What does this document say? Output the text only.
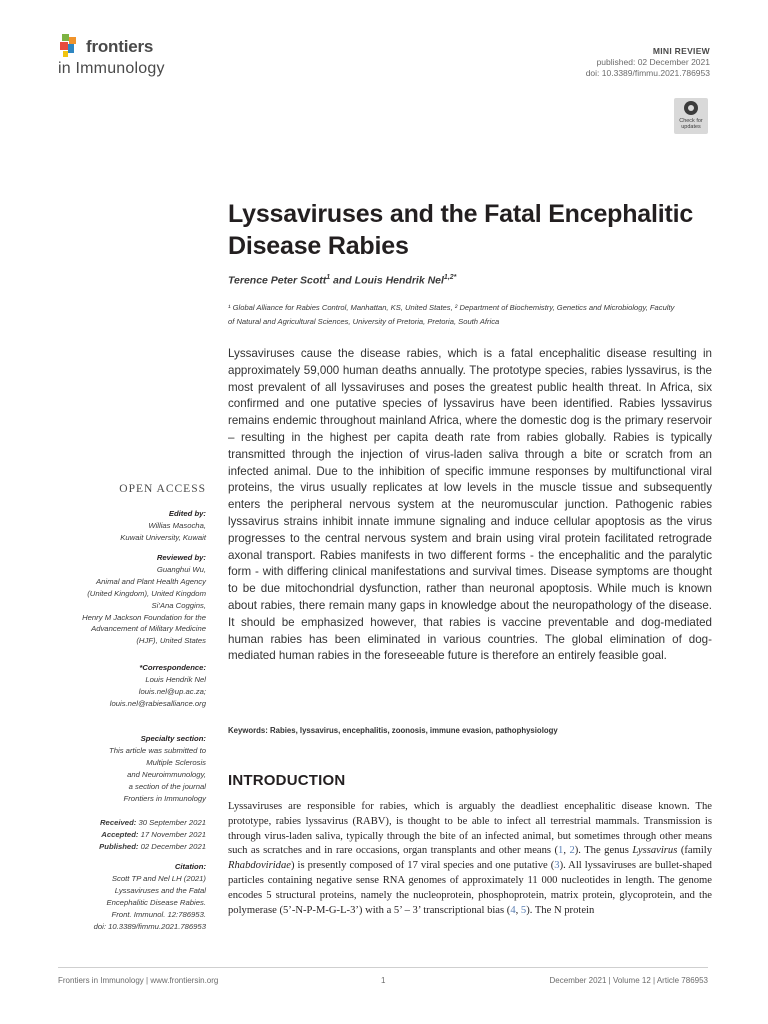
frontiers
in Immunology
MINI REVIEW
published: 02 December 2021
doi: 10.3389/fimmu.2021.786953
Check for updates
Lyssaviruses and the Fatal Encephalitic Disease Rabies
Terence Peter Scott$^1$ and Louis Hendrik Nel$^{1,2*}$
¹ Global Alliance for Rabies Control, Manhattan, KS, United States, ² Department of Biochemistry, Genetics and Microbiology, Faculty of Natural and Agricultural Sciences, University of Pretoria, Pretoria, South Africa
Lyssaviruses cause the disease rabies, which is a fatal encephalitic disease resulting in approximately 59,000 human deaths annually. The prototype species, rabies lyssavirus, is the most prevalent of all lyssaviruses and poses the greatest public health threat. In Africa, six confirmed and one putative species of lyssavirus have been identified. Rabies lyssavirus remains endemic throughout mainland Africa, where the domestic dog is the primary reservoir – resulting in the highest per capita death rate from rabies globally. Rabies is typically transmitted through the injection of virus-laden saliva through a bite or scratch from an infected animal. Due to the inhibition of specific immune responses by multifunctional viral proteins, the virus usually replicates at low levels in the muscle tissue and subsequently enters the peripheral nervous system at the neuromuscular junction. Pathogenic rabies lyssavirus strains inhibit innate immune signaling and induce cellular apoptosis as the virus progresses to the central nervous system and brain using viral protein facilitated retrograde axonal transport. Rabies manifests in two different forms - the encephalitic and the paralytic form - with differing clinical manifestations and survival times. Disease symptoms are thought to be due mitochondrial dysfunction, rather than neuronal apoptosis. While much is known about rabies, there remain many gaps in knowledge about the neuropathology of the disease. It should be emphasized however, that rabies is vaccine preventable and dog-mediated human rabies has been eliminated in various countries. The global elimination of dog-mediated human rabies in the foreseeable future is therefore an entirely feasible goal.
Keywords: Rabies, lyssavirus, encephalitis, zoonosis, immune evasion, pathophysiology
OPEN ACCESS
Edited by:
Willias Masocha,
Kuwait University, Kuwait
Reviewed by:
Guanghui Wu,
Animal and Plant Health Agency
(United Kingdom), United Kingdom
Si'Ana Coggins,
Henry M Jackson Foundation for the
Advancement of Military Medicine
(HJF), United States
*Correspondence:
Louis Hendrik Nel
louis.nel@up.ac.za;
louis.nel@rabiesalliance.org
Specialty section:
This article was submitted to
Multiple Sclerosis
and Neuroimmunology,
a section of the journal
Frontiers in Immunology
Received: 30 September 2021
Accepted: 17 November 2021
Published: 02 December 2021
Citation:
Scott TP and Nel LH (2021)
Lyssaviruses and the Fatal
Encephalitic Disease Rabies.
Front. Immunol. 12:786953.
doi: 10.3389/fimmu.2021.786953
INTRODUCTION
Lyssaviruses are responsible for rabies, which is arguably the deadliest encephalitic disease known. The prototype, rabies lyssavirus (RABV), is thought to be able to infect all terrestrial mammals. Transmission is through virus-laden saliva, typically through the bite of an infected animal, but sometimes through other means such as scratches and in rare occasions, organ transplants and other means (1, 2). The genus Lyssavirus (family Rhabdoviridae) is presently composed of 17 viral species and one putative (3). All lyssaviruses are bullet-shaped particles containing negative sense RNA genomes of approximately 11 000 nucleotides in length. The genome encodes 5 structural proteins, namely the nucleoprotein, phosphoprotein, matrix protein, glycoprotein, and the polymerase (5’-N-P-M-G-L-3’) with a 5’ – 3’ transcriptional bias (4, 5). The N protein
Frontiers in Immunology | www.frontiersin.org	1	December 2021 | Volume 12 | Article 786953
